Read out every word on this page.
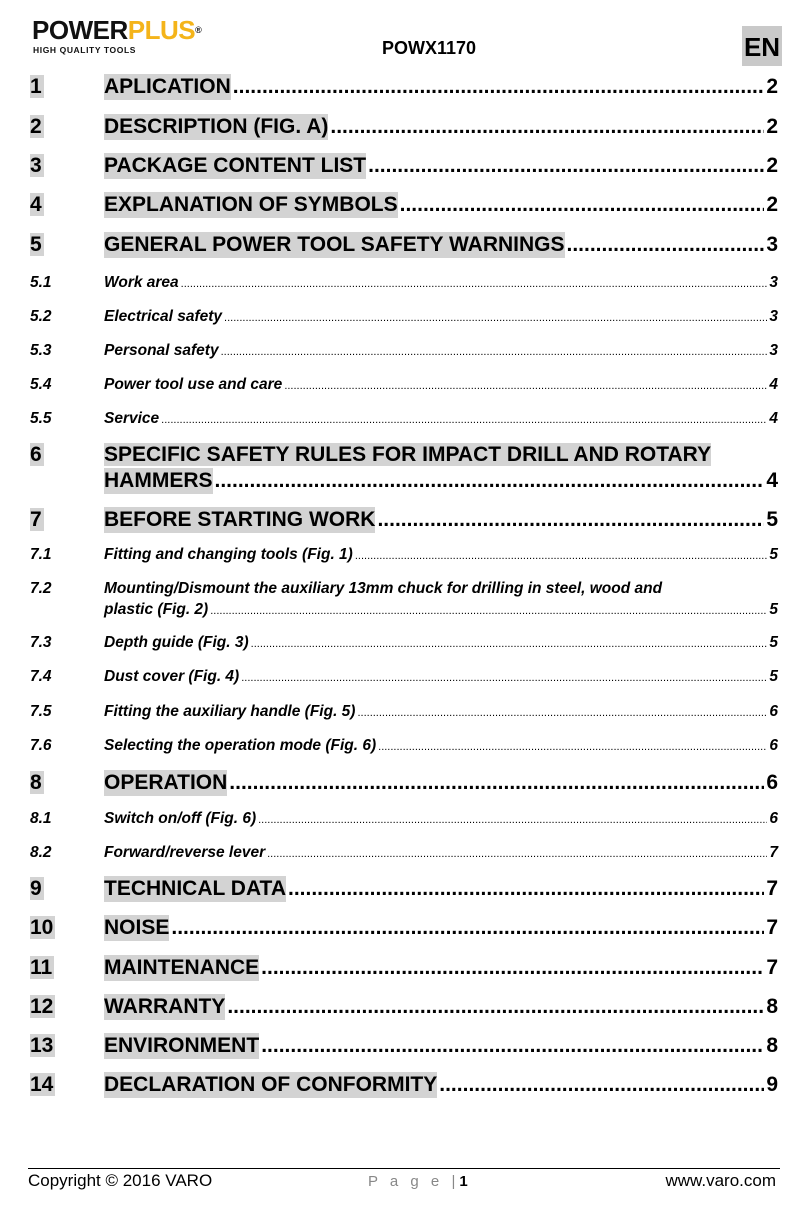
POWERPLUS®
HIGH QUALITY TOOLS	POWX1170	EN
1	APLICATION .....	2
2	DESCRIPTION (FIG. A) .....	2
3	PACKAGE CONTENT LIST .....	2
4	EXPLANATION OF SYMBOLS .....	2
5	GENERAL POWER TOOL SAFETY WARNINGS .....	3
5.1	Work area .....	3
5.2	Electrical safety .....	3
5.3	Personal safety .....	3
5.4	Power tool use and care .....	4
5.5	Service .....	4
6	SPECIFIC SAFETY RULES FOR IMPACT DRILL AND ROTARY
HAMMERS .....	4
7	BEFORE STARTING WORK .....	5
7.1	Fitting and changing tools (Fig. 1) .....	5
7.2	Mounting/Dismount the auxiliary 13mm chuck for drilling in steel, wood and
plastic (Fig. 2) .....	5
7.3	Depth guide (Fig. 3) .....	5
7.4	Dust cover (Fig. 4) .....	5
7.5	Fitting the auxiliary handle (Fig. 5) .....	6
7.6	Selecting the operation mode (Fig. 6) .....	6
8	OPERATION .....	6
8.1	Switch on/off (Fig. 6) .....	6
8.2	Forward/reverse lever .....	7
9	TECHNICAL DATA .....	7
10 NOISE .....	7
11 MAINTENANCE .....	7
12 WARRANTY .....	8
13 ENVIRONMENT .....	8
14 DECLARATION OF CONFORMITY .....	9
Copyright © 2016 VARO	P a g e |1	www.varo.com
